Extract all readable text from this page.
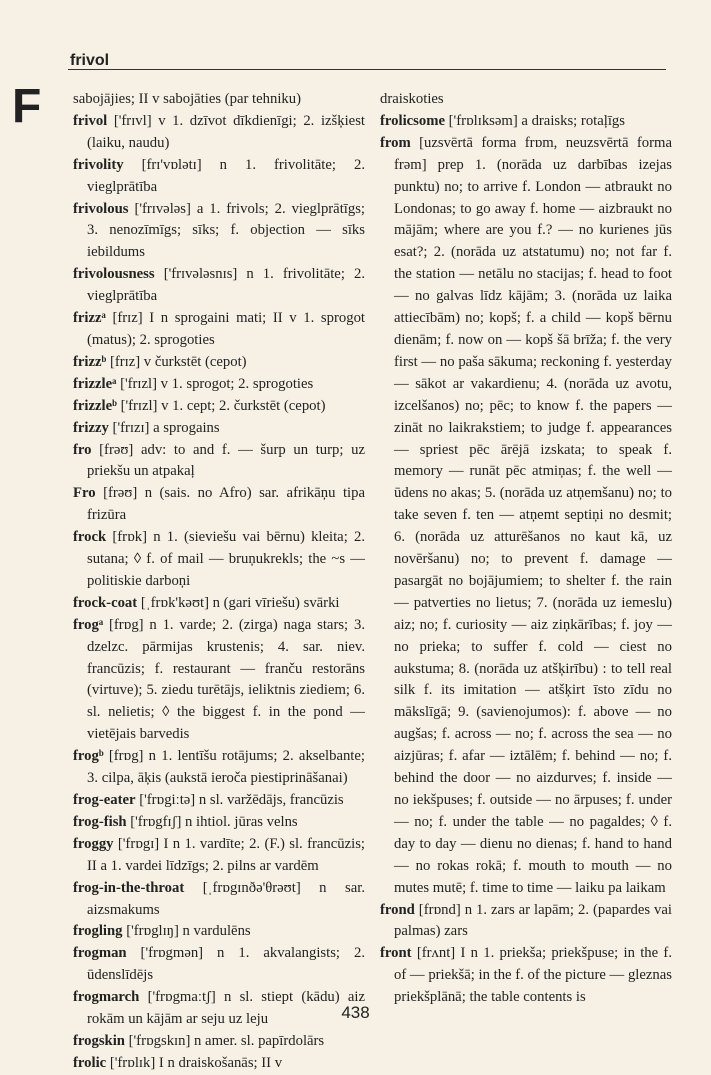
frivol
F sabojājies; II v sabojāties (par tehniku)

frivol ['frɪvl] v 1. dzīvot dīkdienīgi; 2. izšķiest (laiku, naudu)

frivolity [frɪ'vɒlətɪ] n 1. frivolitāte; 2. vieglprātība

frivolous ['frɪvələs] a 1. frivols; 2. vieglprātīgs; 3. nenozīmīgs; sīks; f. objection — sīks iebildums

frivolousness ['frɪvələsnɪs] n 1. frivolitāte; 2. vieglprātība

frizzᵃ [frɪz] I n sprogaini mati; II v 1. sprogot (matus); 2. sprogoties

frizzᵇ [frɪz] v čurkstēt (cepot)

frizzleᵃ ['frɪzl] v 1. sprogot; 2. sprogoties

frizzleᵇ ['frɪzl] v 1. cept; 2. čurkstēt (cepot)

frizzy ['frɪzɪ] a sprogains

fro [frəʊ] adv: to and f. — šurp un turp; uz priekšu un atpakaļ

Fro [frəʊ] n (sais. no Afro) sar. afrikāņu tipa frizūra

frock [frɒk] n 1. (sieviešu vai bērnu) kleita; 2. sutana; ◊ f. of mail — bruņukrekls; the ~s — politiskie darboņi

frock-coat [ˌfrɒk'kəʊt] n (gari vīriešu) svārki

frogᵃ [frɒg] n 1. varde; 2. (zirga) naga stars; 3. dzelzc. pārmijas krustenis; 4. sar. niev. francūzis; f. restaurant — franču restorāns (virtuve); 5. ziedu turētājs, ieliktnis ziediem; 6. sl. nelietis; ◊ the biggest f. in the pond — vietējais barvedis

frogᵇ [frɒg] n 1. lentīšu rotājums; 2. akselbante; 3. cilpa, āķis (aukstā ieroča piestiprināšanai)

frog-eater ['frɒgiːtə] n sl. varžēdājs, francūzis

frog-fish ['frɒgfɪʃ] n ihtiol. jūras velns

froggy ['frɒgɪ] I n 1. vardīte; 2. (F.) sl. francūzis; II a 1. vardei līdzīgs; 2. pilns ar vardēm

frog-in-the-throat [ˌfrɒgɪnðə'θrəʊt] n sar. aizsmakums

frogling ['frɒglɪŋ] n vardulēns

frogman ['frɒgmən] n 1. akvalangists; 2. ūdenslīdējs

frogmarch ['frɒgmaːtʃ] n sl. stiept (kādu) aiz rokām un kājām ar seju uz leju

frogskin ['frɒgskɪn] n amer. sl. papīrdolārs

frolic ['frɒlɪk] I n draiskošanās; II v

draiskoties

frolicsome ['frɒlɪksəm] a draisks; rotaļīgs

from [uzsvērtā forma frɒm, neuzsvērtā forma frəm] prep 1. (norāda uz darbības izejas punktu) no; to arrive f. London — atbraukt no Londonas; to go away f. home — aizbraukt no mājām; where are you f.? — no kurienes jūs esat?; 2. (norāda uz atstatumu) no; not far f. the station — netālu no stacijas; f. head to foot — no galvas līdz kājām; 3. (norāda uz laika attiecībām) no; kopš; f. a child — kopš bērnu dienām; f. now on — kopš šā brīža; f. the very first — no paša sākuma; reckoning f. yesterday — sākot ar vakardienu; 4. (norāda uz avotu, izcelšanos) no; pēc; to know f. the papers — zināt no laikrakstiem; to judge f. appearances — spriest pēc ārējā izskata; to speak f. memory — runāt pēc atmiņas; f. the well — ūdens no akas; 5. (norāda uz atņemšanu) no; to take seven f. ten — atņemt septiņi no desmit; 6. (norāda uz atturēšanos no kaut kā, uz novēršanu) no; to prevent f. damage — pasargāt no bojājumiem; to shelter f. the rain — patverties no lietus; 7. (norāda uz iemeslu) aiz; no; f. curiosity — aiz ziņkārības; f. joy — no prieka; to suffer f. cold — ciest no aukstuma; 8. (norāda uz atšķirību) : to tell real silk f. its imitation — atšķirt īsto zīdu no mākslīgā; 9. (savienojumos): f. above — no augšas; f. across — no; f. across the sea — no aizjūras; f. afar — iztālēm; f. behind — no; f. behind the door — no aizdurves; f. inside — no iekšpuses; f. outside — no ārpuses; f. under — no; f. under the table — no pagaldes; ◊ f. day to day — dienu no dienas; f. hand to hand — no rokas rokā; f. mouth to mouth — no mutes mutē; f. time to time — laiku pa laikam

frond [frɒnd] n 1. zars ar lapām; 2. (papardes vai palmas) zars

front [frʌnt] I n 1. priekša; priekšpuse; in the f. of — priekšā; in the f. of the picture — gleznas priekšplānā; the table contents is

438
